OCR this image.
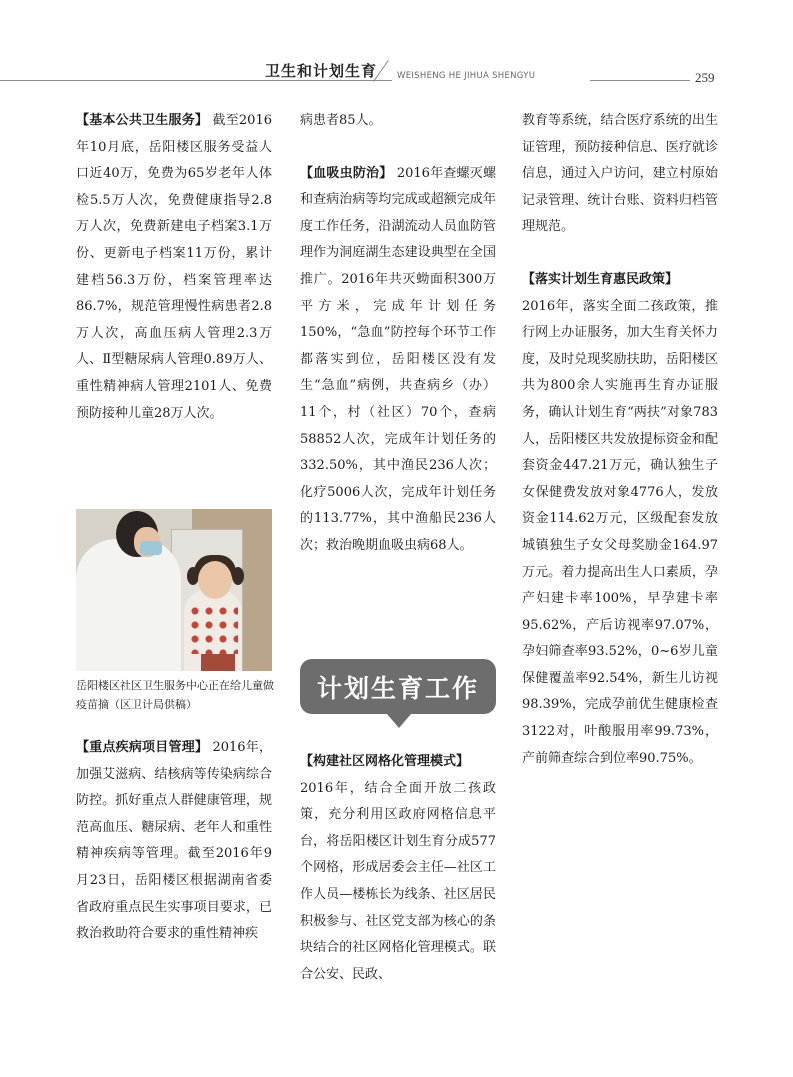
卫生和计划生育 WEISHENG HE JIHUA SHENGYU	259

【基本公共卫生服务】 截至2016年10月底，岳阳楼区服务受益人口近40万，免费为65岁老年人体检5.5万人次，免费健康指导2.8万人次，免费新建电子档案3.1万份、更新电子档案11万份，累计建档56.3万份，档案管理率达86.7%，规范管理慢性病患者2.8万人次，高血压病人管理2.3万人、Ⅱ型糖尿病人管理0.89万人、重性精神病人管理2101人、免费预防接种儿童28万人次。

岳阳楼区社区卫生服务中心正在给儿童做疫苗摘（区卫计局供稿）

【重点疾病项目管理】 2016年，加强艾滋病、结核病等传染病综合防控。抓好重点人群健康管理，规范高血压、糖尿病、老年人和重性精神疾病等管理。截至2016年9月23日，岳阳楼区根据湖南省委省政府重点民生实事项目要求，已救治救助符合要求的重性精神疾

病患者85人。

【血吸虫防治】 2016年查螺灭螺和查病治病等均完成或超额完成年度工作任务，沿湖流动人员血防管理作为洞庭湖生态建设典型在全国推广。2016年共灭蚴面积300万平方米，完成年计划任务150%，“急血”防控每个环节工作都落实到位，岳阳楼区没有发生“急血”病例，共查病乡（办）11个，村（社区）70个，查病58852人次，完成年计划任务的332.50%，其中渔民236人次；化疗5006人次，完成年计划任务的113.77%，其中渔船民236人次；救治晚期血吸虫病68人。

计划生育工作

【构建社区网格化管理模式】

2016年，结合全面开放二孩政策，充分利用区政府网格信息平台，将岳阳楼区计划生育分成577个网格，形成居委会主任—社区工作人员—楼栋长为线条、社区居民积极参与、社区党支部为核心的条块结合的社区网格化管理模式。联合公安、民政、

教育等系统，结合医疗系统的出生证管理，预防接种信息、医疗就诊信息，通过入户访问，建立村原始记录管理、统计台账、资料归档管理规范。

【落实计划生育惠民政策】

2016年，落实全面二孩政策，推行网上办证服务，加大生育关怀力度，及时兑现奖励扶助，岳阳楼区共为800余人实施再生育办证服务，确认计划生育“两扶”对象783人，岳阳楼区共发放提标资金和配套资金447.21万元，确认独生子女保健费发放对象4776人，发放资金114.62万元，区级配套发放城镇独生子女父母奖励金164.97万元。着力提高出生人口素质，孕产妇建卡率100%，早孕建卡率95.62%，产后访视率97.07%，孕妇筛查率93.52%，0~6岁儿童保健覆盖率92.54%，新生儿访视98.39%，完成孕前优生健康检查3122对，叶酸服用率99.73%，产前筛查综合到位率90.75%。
